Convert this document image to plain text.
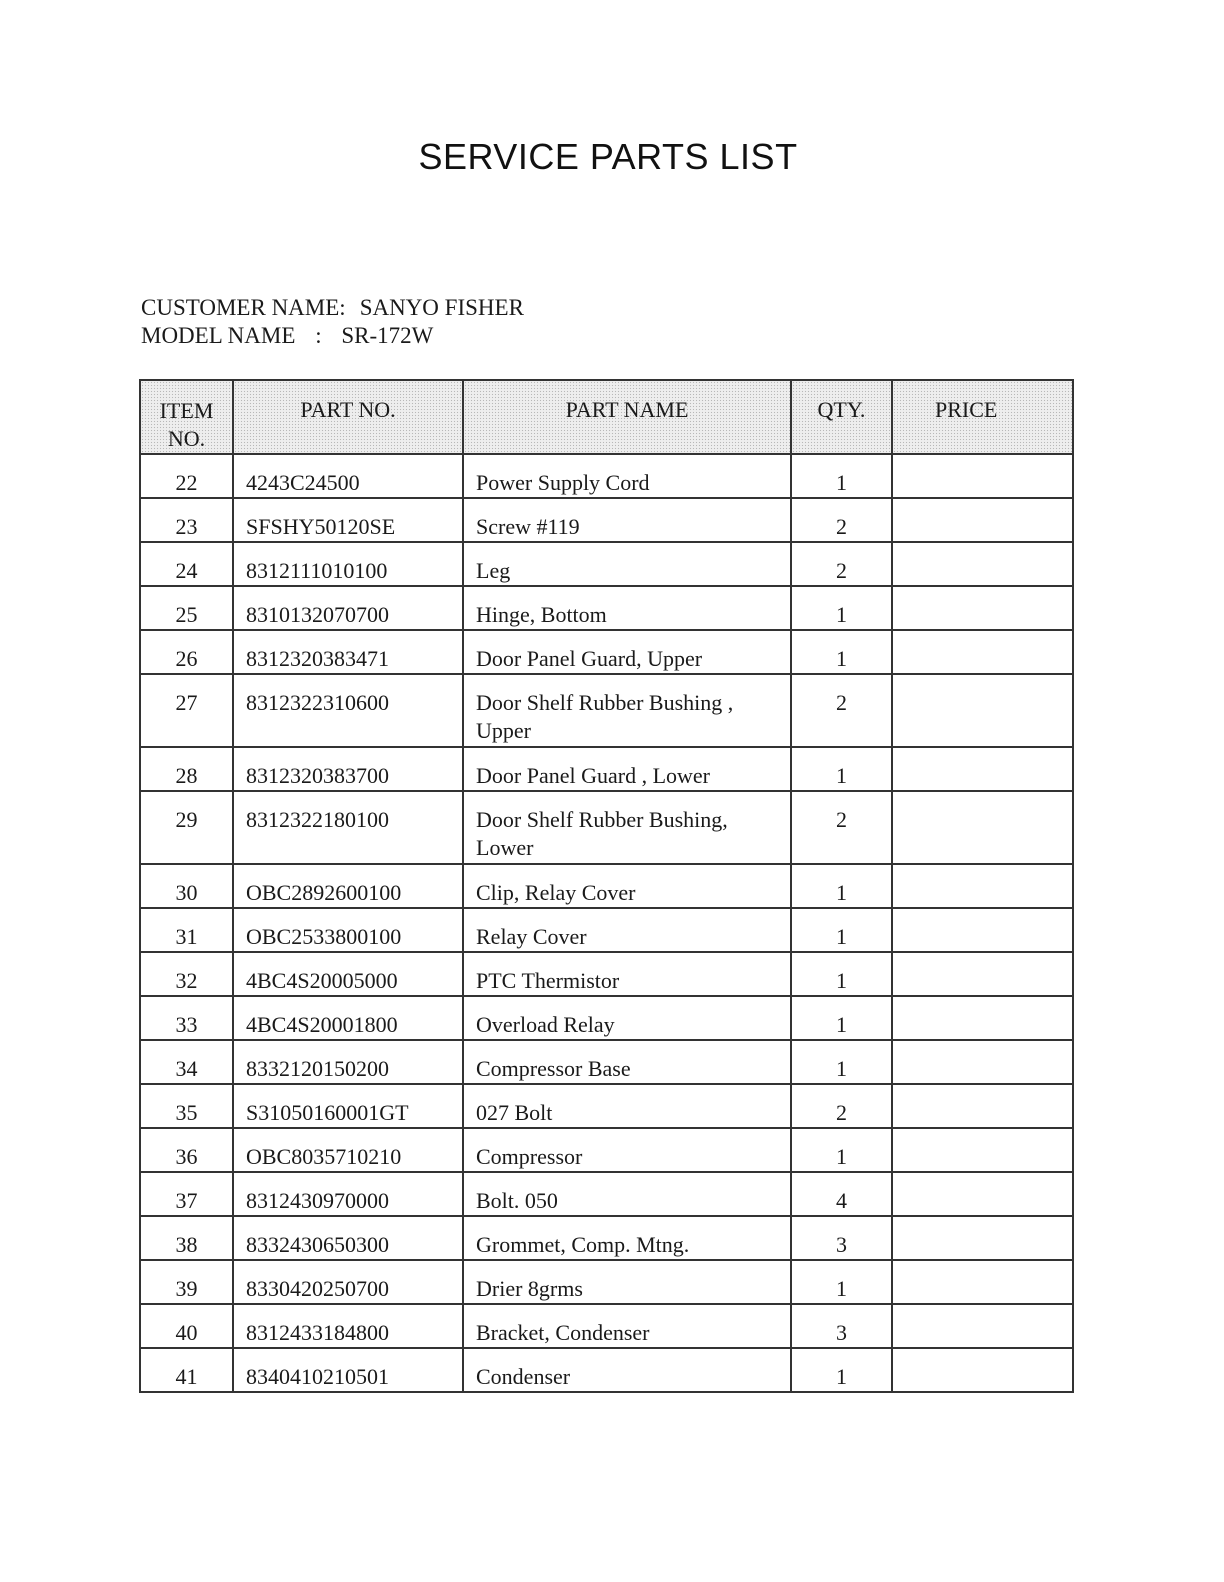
SERVICE PARTS LIST
CUSTOMER NAME: SANYO FISHER
MODEL NAME : SR-172W
ITEM
NO.	PART NO.	PART NAME	QTY.	PRICE
22	4243C24500	Power Supply Cord	1	
23	SFSHY50120SE	Screw #119	2	
24	8312111010100	Leg	2	
25	8310132070700	Hinge, Bottom	1	
26	8312320383471	Door Panel Guard, Upper	1	
27	8312322310600	Door Shelf Rubber Bushing , Upper	2	
28	8312320383700	Door Panel Guard , Lower	1	
29	8312322180100	Door Shelf Rubber Bushing, Lower	2	
30	OBC2892600100	Clip, Relay Cover	1	
31	OBC2533800100	Relay Cover	1	
32	4BC4S20005000	PTC Thermistor	1	
33	4BC4S20001800	Overload Relay	1	
34	8332120150200	Compressor Base	1	
35	S31050160001GT	027 Bolt	2	
36	OBC8035710210	Compressor	1	
37	8312430970000	Bolt. 050	4	
38	8332430650300	Grommet, Comp. Mtng.	3	
39	8330420250700	Drier 8grms	1	
40	8312433184800	Bracket, Condenser	3	
41	8340410210501	Condenser	1	
